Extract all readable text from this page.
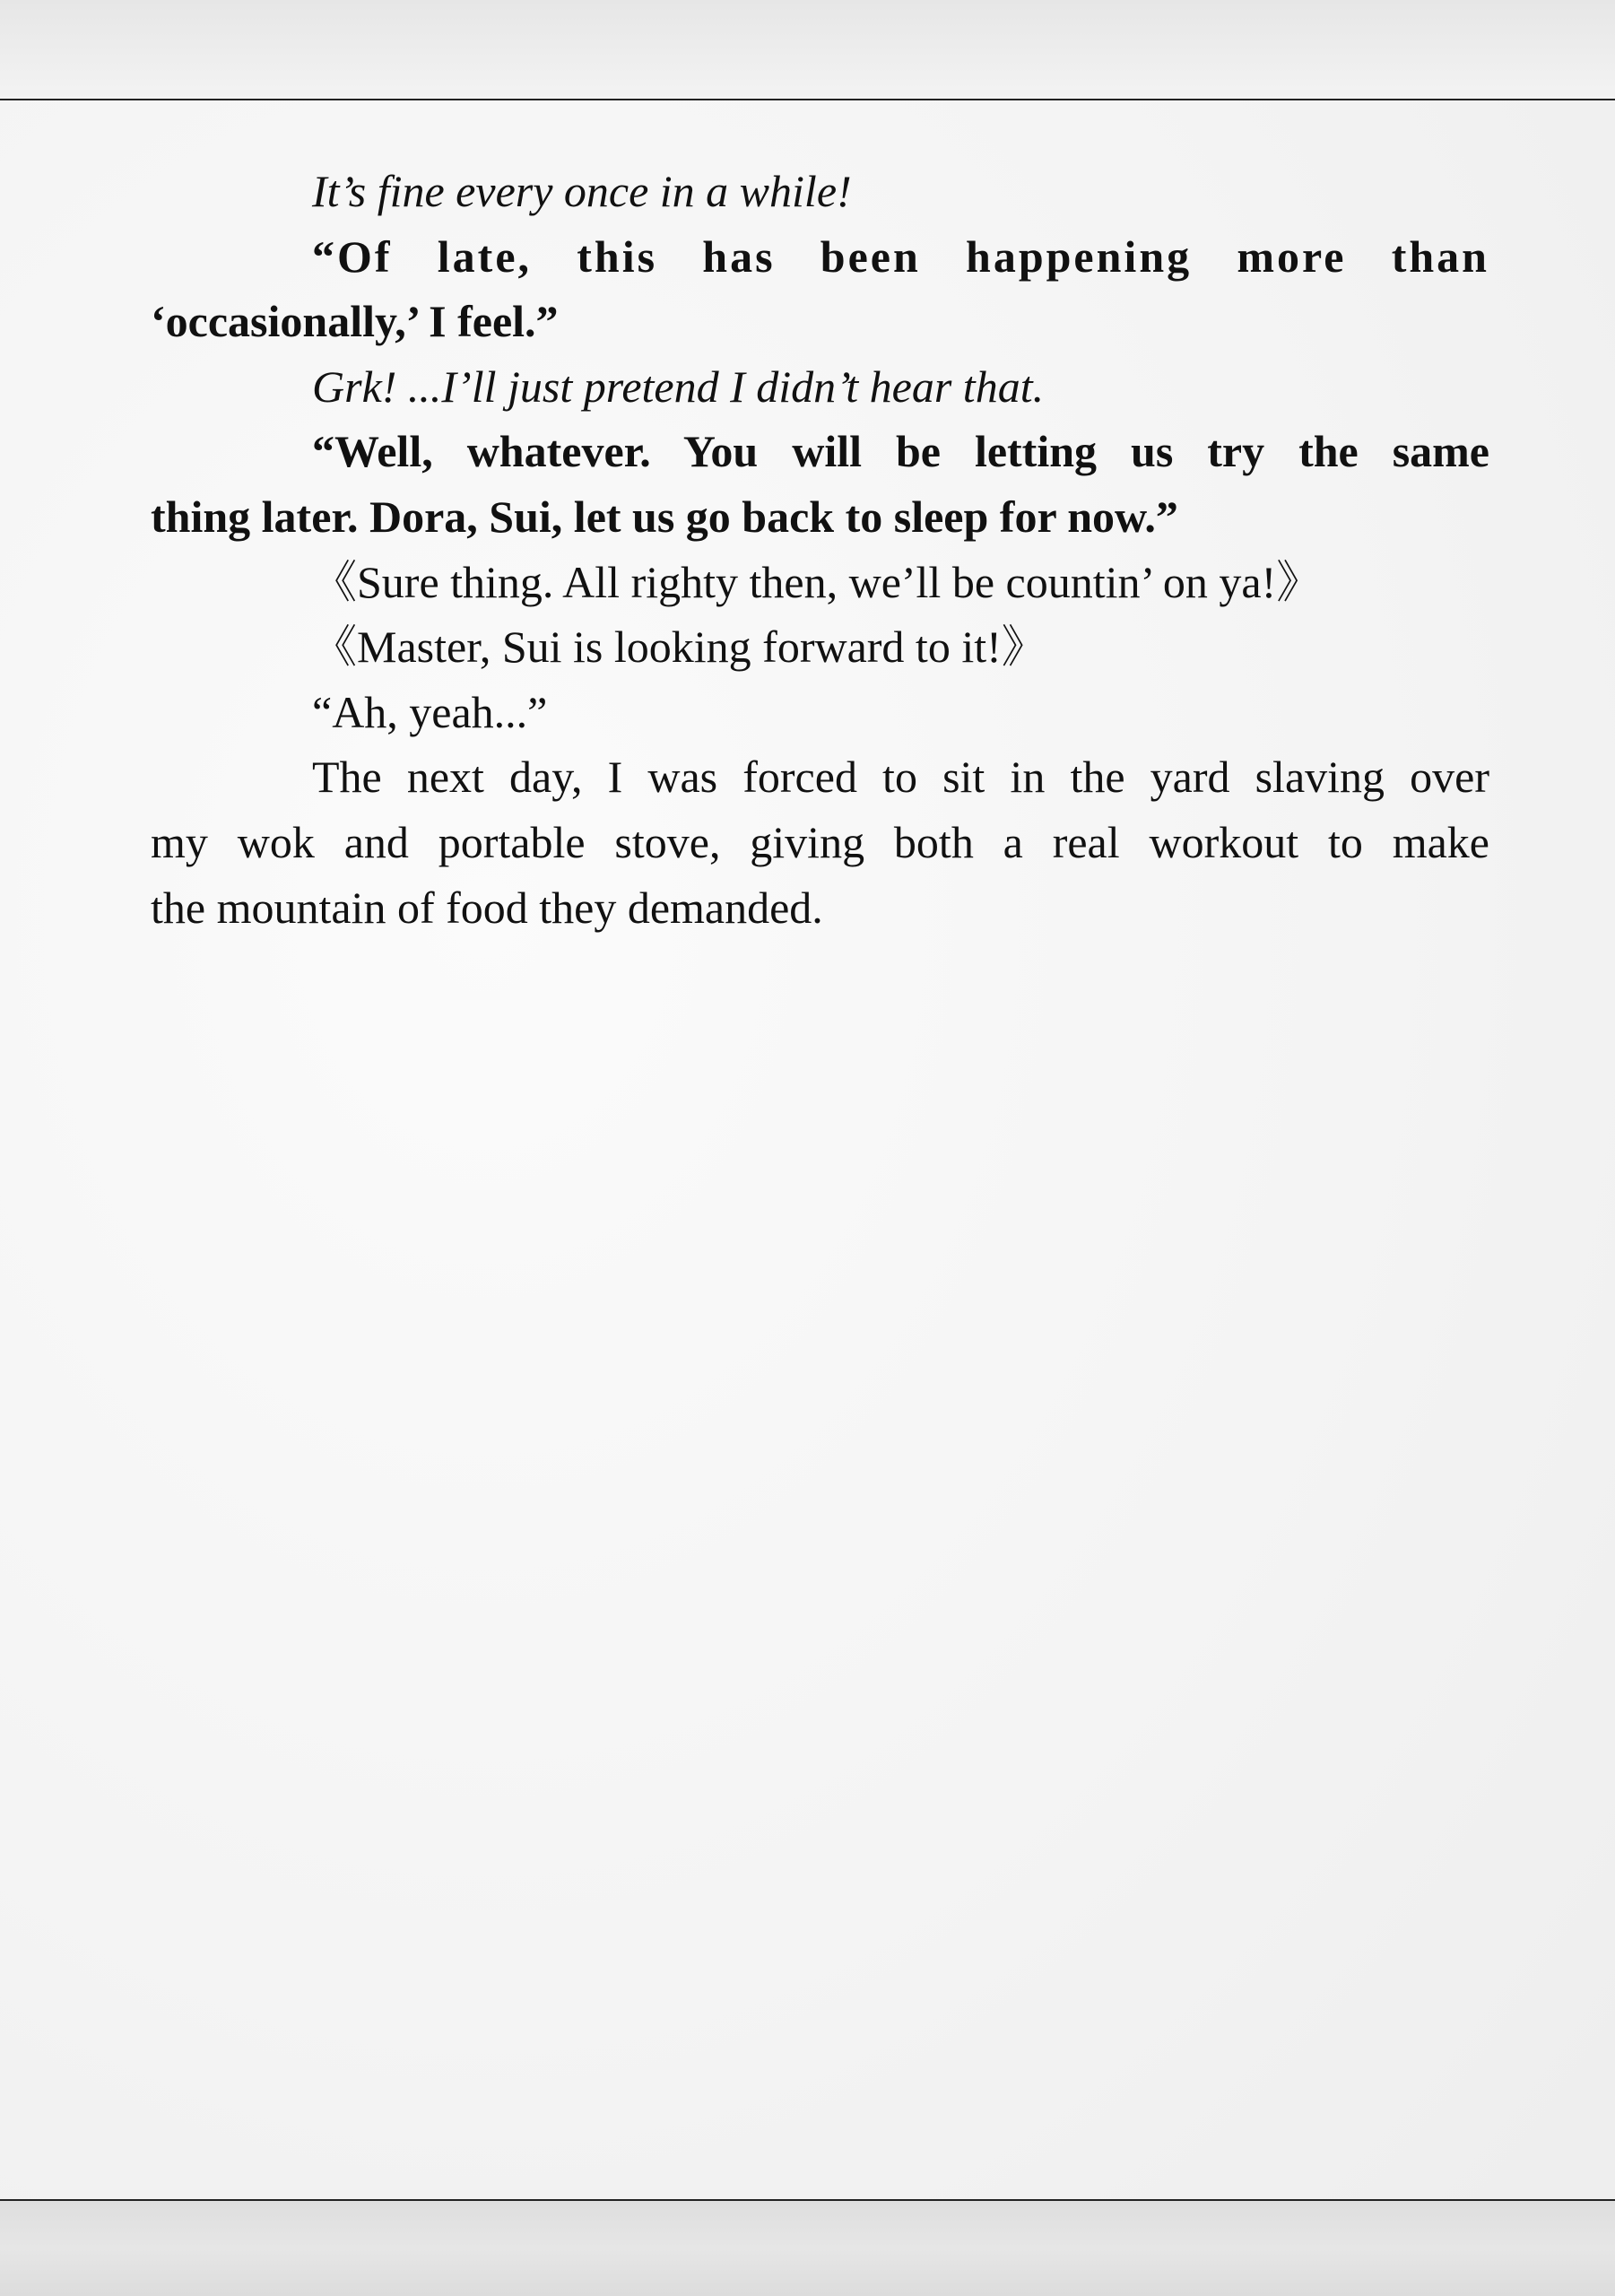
It’s fine every once in a while!
“Of late, this has been happening more than
‘occasionally,’ I feel.”
Grk! ...I’ll just pretend I didn’t hear that.
“Well, whatever. You will be letting us try the same
thing later. Dora, Sui, let us go back to sleep for now.”
《Sure thing. All righty then, we’ll be countin’ on ya!》
《Master, Sui is looking forward to it!》
“Ah, yeah...”
The next day, I was forced to sit in the yard slaving over
my wok and portable stove, giving both a real workout to make
the mountain of food they demanded.
